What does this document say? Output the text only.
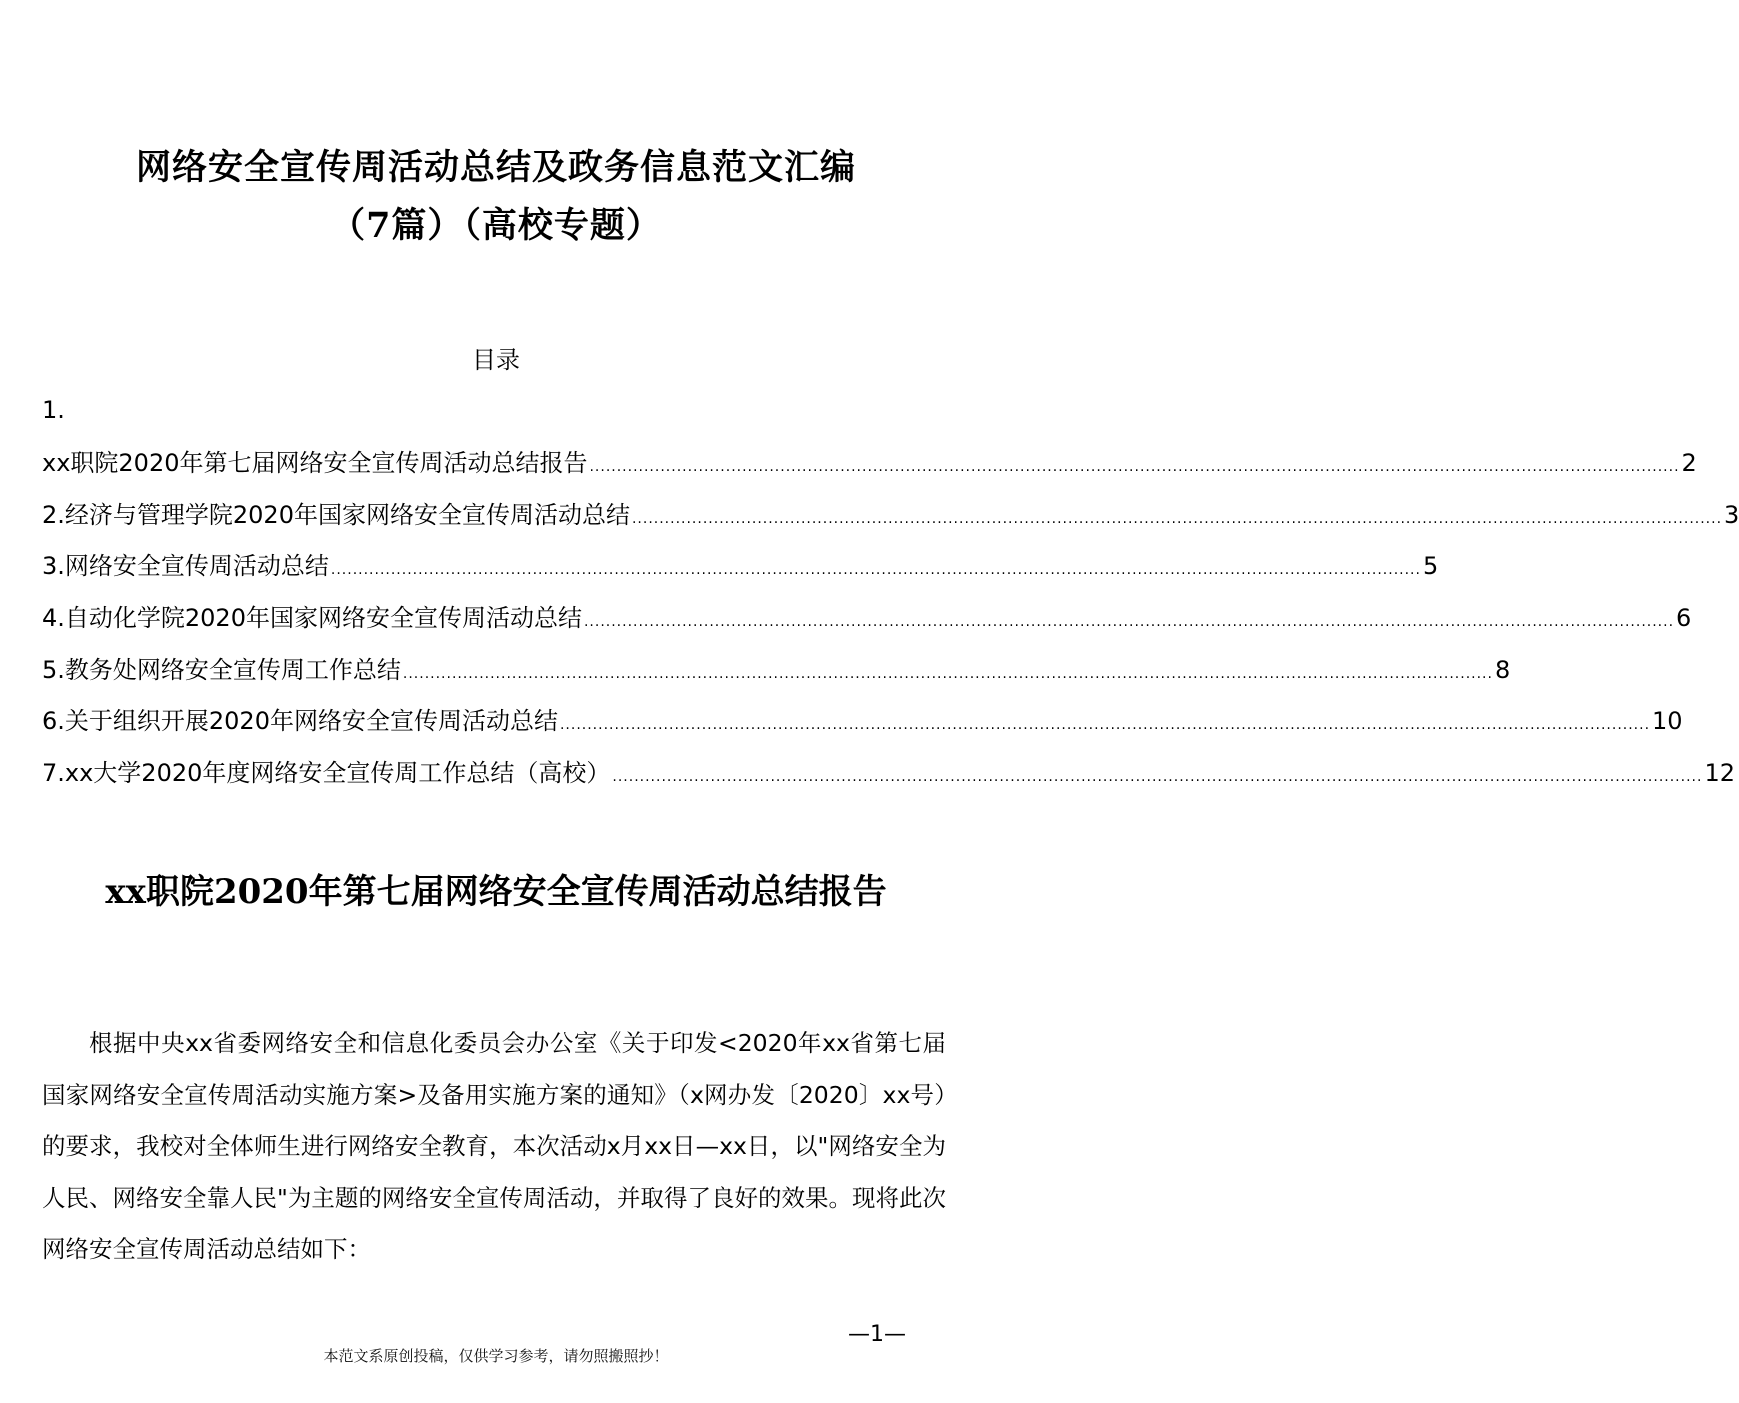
网络安全宣传周活动总结及政务信息范文汇编
（7篇）（高校专题）
目录
1.
xx职院2020年第七届网络安全宣传周活动总结报告 ........................................................................................................................................................................................................ 2
2.经济与管理学院2020年国家网络安全宣传周活动总结 ........................................................................................................................................................................................................ 3
3.网络安全宣传周活动总结 ........................................................................................................................................................................................................ 5
4.自动化学院2020年国家网络安全宣传周活动总结 ........................................................................................................................................................................................................ 6
5.教务处网络安全宣传周工作总结 ........................................................................................................................................................................................................ 8
6.关于组织开展2020年网络安全宣传周活动总结 ........................................................................................................................................................................................................ 10
7.xx大学2020年度网络安全宣传周工作总结（高校） ........................................................................................................................................................................................................ 12
xx职院2020年第七届网络安全宣传周活动总结报告

根据中央xx省委网络安全和信息化委员会办公室《关于印发<2020年xx省第七届国家网络安全宣传周活动实施方案>及备用实施方案的通知》（x网办发〔2020〕xx号）的要求，我校对全体师生进行网络安全教育，本次活动x月xx日—xx日，以"网络安全为人民、网络安全靠人民"为主题的网络安全宣传周活动，并取得了良好的效果。现将此次网络安全宣传周活动总结如下：

—1—
本范文系原创投稿，仅供学习参考，请勿照搬照抄！
